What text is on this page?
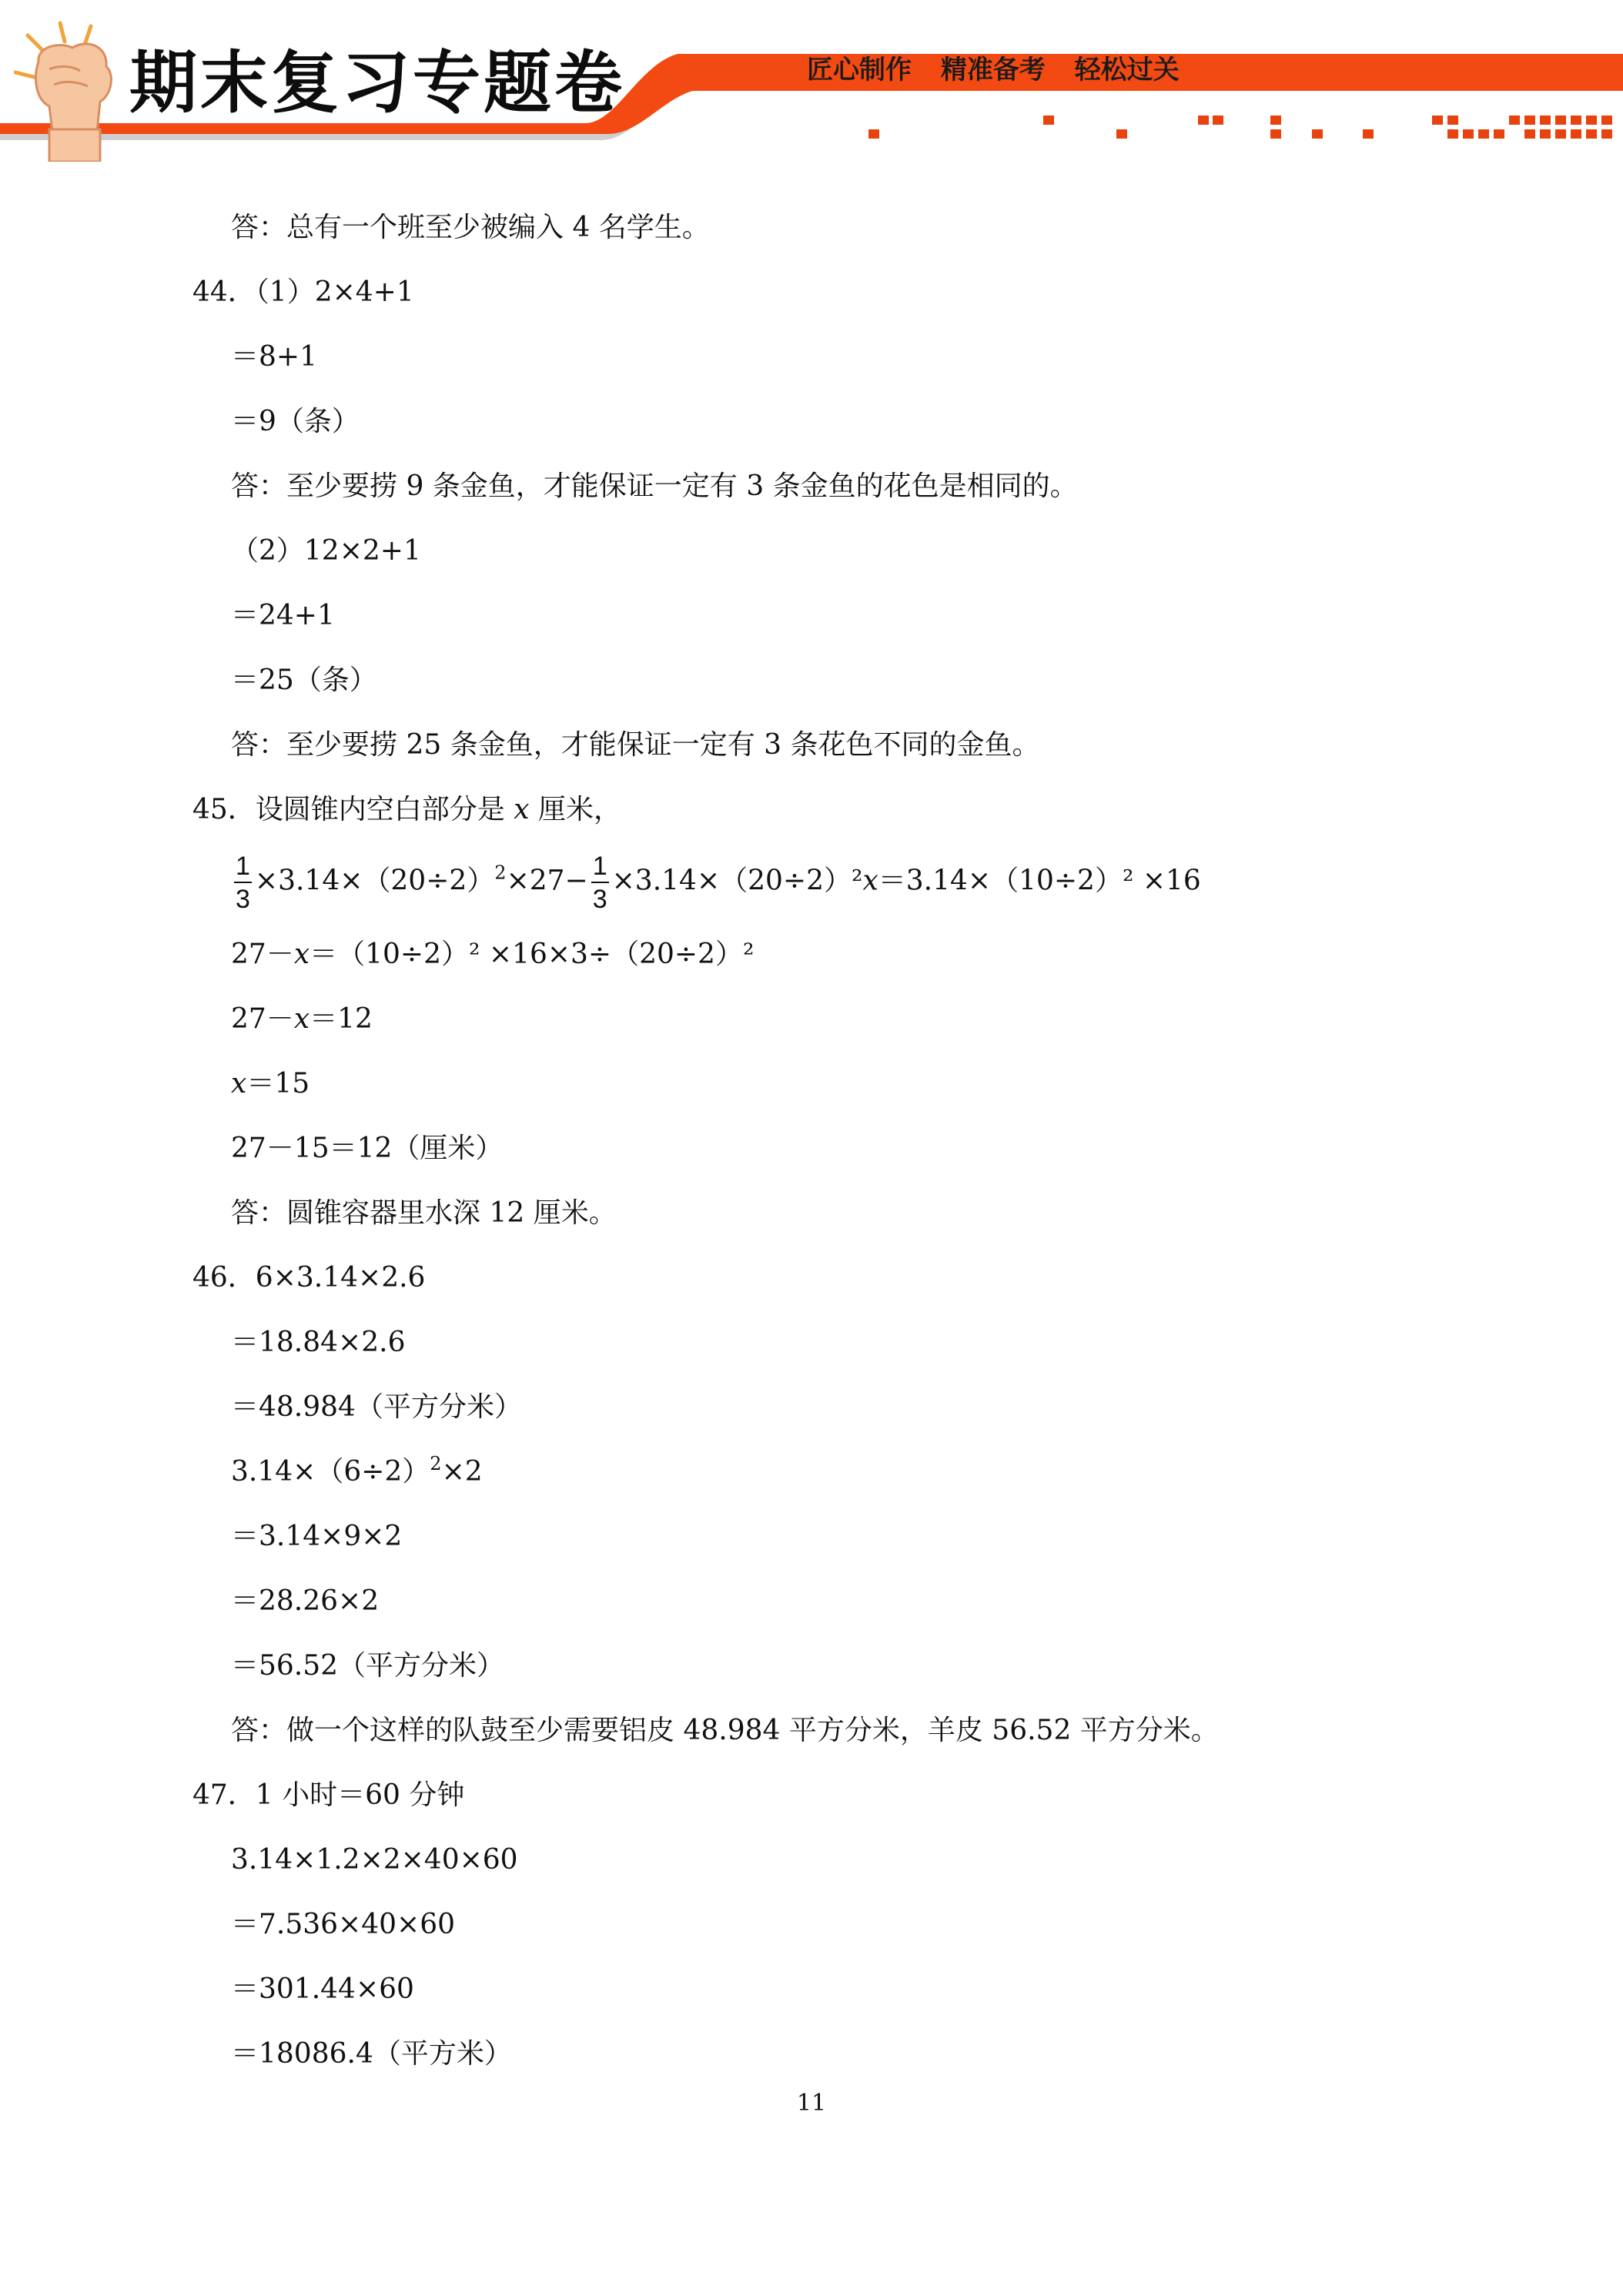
期末复习专题卷	匠心制作 精准备考 轻松过关
答：总有一个班至少被编入 4 名学生。
44．（1）2×4+1
＝8+1
＝9（条）
答：至少要捞 9 条金鱼，才能保证一定有 3 条金鱼的花色是相同的。
（2）12×2+1
＝24+1
＝25（条）
答：至少要捞 25 条金鱼，才能保证一定有 3 条花色不同的金鱼。
45．设圆锥内空白部分是 x 厘米，
$\frac{1}{3} \times 3.14\times(20\div 2)^2\times 27- \frac{1}{3} \times 3.14\times(20\div 2)^2x=3.14\times(10\div 2)^2 \times 16$
27－x＝（10÷2）² ×16×3÷（20÷2）²
27－x＝12
x＝15
27－15＝12（厘米）
答：圆锥容器里水深 12 厘米。
46．6×3.14×2.6
＝18.84×2.6
＝48.984（平方分米）
$3.14\times(6\div 2)^2\times 2$
＝3.14×9×2
＝28.26×2
＝56.52（平方分米）
答：做一个这样的队鼓至少需要铝皮 48.984 平方分米，羊皮 56.52 平方分米。
47．1 小时＝60 分钟
3.14×1.2×2×40×60
＝7.536×40×60
＝301.44×60
＝18086.4（平方米）
11
